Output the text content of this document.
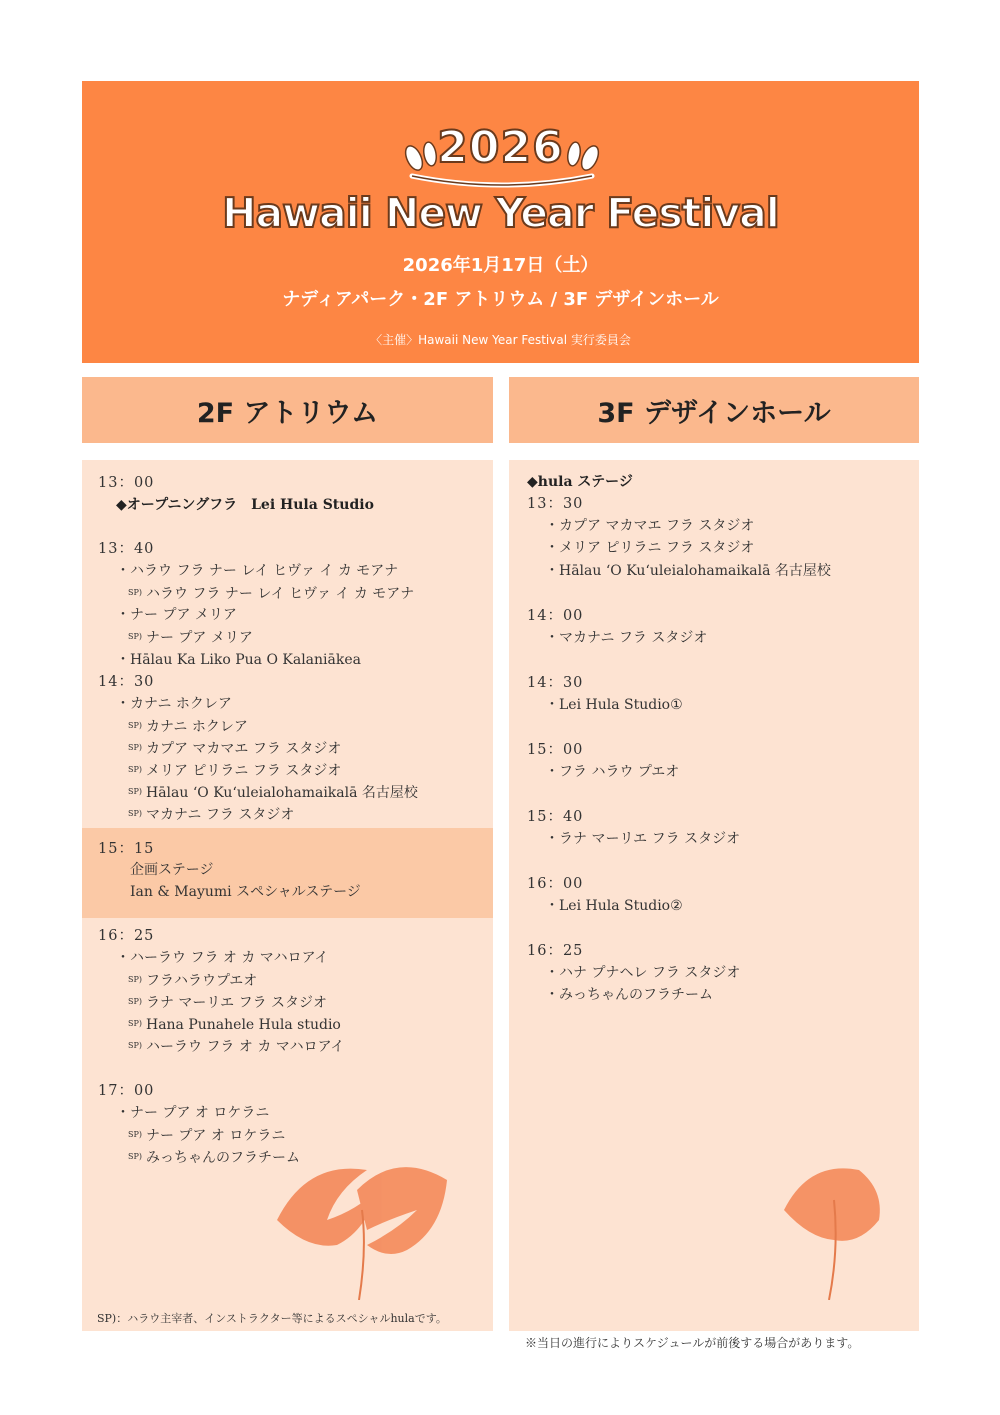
2026
Hawaii New Year Festival
2026年1月17日（土）
ナディアパーク・2F アトリウム / 3F デザインホール
〈主催〉Hawaii New Year Festival 実行委員会
2F アトリウム	3F デザインホール
13：00
◆オープニングフラ　Lei Hula Studio
13：40
・ハラウ フラ ナー レイ ヒヴァ イ カ モアナ
$^{SP)}$ ハラウ フラ ナー レイ ヒヴァ イ カ モアナ
・ナー プア メリア
$^{SP)}$ ナー プア メリア
・Hālau Ka Liko Pua O Kalaniākea
14：30
・カナニ ホクレア
$^{SP)}$ カナニ ホクレア
$^{SP)}$ カプア マカマエ フラ スタジオ
$^{SP)}$ メリア ピリラニ フラ スタジオ
$^{SP)}$ Hālau ʻO Kuʻuleialohamaikalā 名古屋校
$^{SP)}$ マカナニ フラ スタジオ
15：15
企画ステージ
Ian & Mayumi スペシャルステージ
16：25
・ハーラウ フラ オ カ マハロアイ
$^{SP)}$ フラハラウプエオ
$^{SP)}$ ラナ マーリエ フラ スタジオ
$^{SP)}$ Hana Punahele Hula studio
$^{SP)}$ ハーラウ フラ オ カ マハロアイ
17：00
・ナー プア オ ロケラニ
$^{SP)}$ ナー プア オ ロケラニ
$^{SP)}$ みっちゃんのフラチーム
SP)：ハラウ主宰者、インストラクター等によるスペシャルhulaです。
◆hula ステージ
13：30
・カプア マカマエ フラ スタジオ
・メリア ピリラニ フラ スタジオ
・Hālau ʻO Kuʻuleialohamaikalā 名古屋校
14：00
・マカナニ フラ スタジオ
14：30
・Lei Hula Studio①
15：00
・フラ ハラウ プエオ
15：40
・ラナ マーリエ フラ スタジオ
16：00
・Lei Hula Studio②
16：25
・ハナ プナヘレ フラ スタジオ
・みっちゃんのフラチーム
※当日の進行によりスケジュールが前後する場合があります。
